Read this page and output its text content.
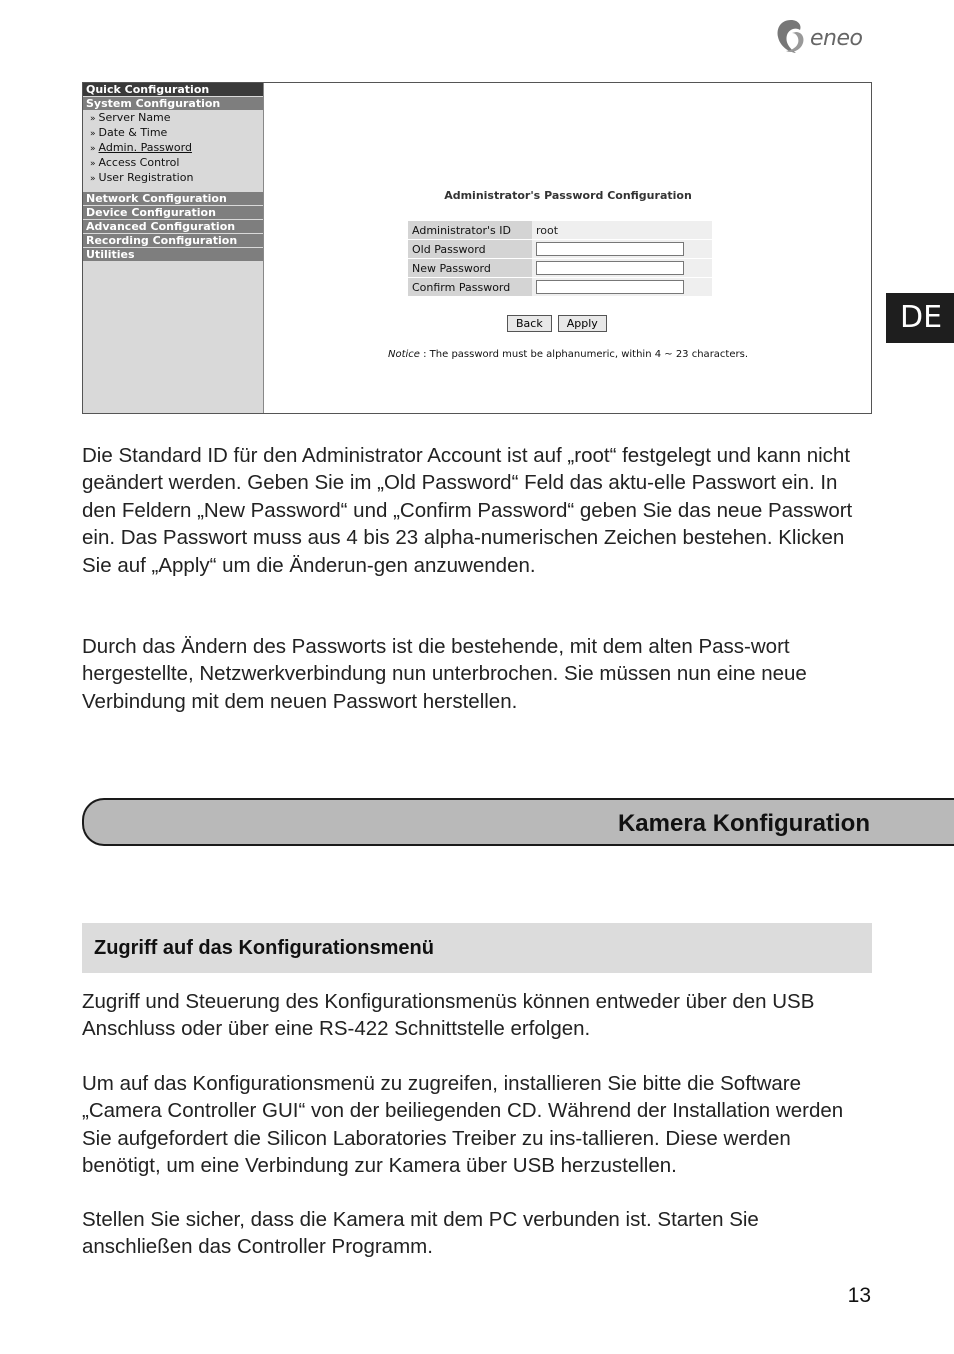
eneo
DE
Quick Configuration
System Configuration
» Server Name
» Date & Time
» Admin. Password
» Access Control
» User Registration
Network Configuration
Device Configuration
Advanced Configuration
Recording Configuration
Utilities
Administrator's Password Configuration
Administrator's ID	root
Old Password	
New Password	
Confirm Password	
Back Apply
Notice : The password must be alphanumeric, within 4 ~ 23 characters.

Die Standard ID für den Administrator Account ist auf „root“ festgelegt und kann nicht geändert werden. Geben Sie im „Old Password“ Feld das aktu-elle Passwort ein. In den Feldern „New Password“ und „Confirm Password“ geben Sie das neue Passwort ein. Das Passwort muss aus 4 bis 23 alpha-numerischen Zeichen bestehen. Klicken Sie auf „Apply“ um die Änderun-gen anzuwenden.

Durch das Ändern des Passworts ist die bestehende, mit dem alten Pass-wort hergestellte, Netzwerkverbindung nun unterbrochen. Sie müssen nun eine neue Verbindung mit dem neuen Passwort herstellen.

Kamera Konfiguration
Zugriff auf das Konfigurationsmenü

Zugriff und Steuerung des Konfigurationsmenüs können entweder über den USB Anschluss oder über eine RS-422 Schnittstelle erfolgen.

Um auf das Konfigurationsmenü zu zugreifen, installieren Sie bitte die Software „Camera Controller GUI“ von der beiliegenden CD. Während der Installation werden Sie aufgefordert die Silicon Laboratories Treiber zu ins-tallieren. Diese werden benötigt, um eine Verbindung zur Kamera über USB herzustellen.

Stellen Sie sicher, dass die Kamera mit dem PC verbunden ist. Starten Sie anschließen das Controller Programm.

13
